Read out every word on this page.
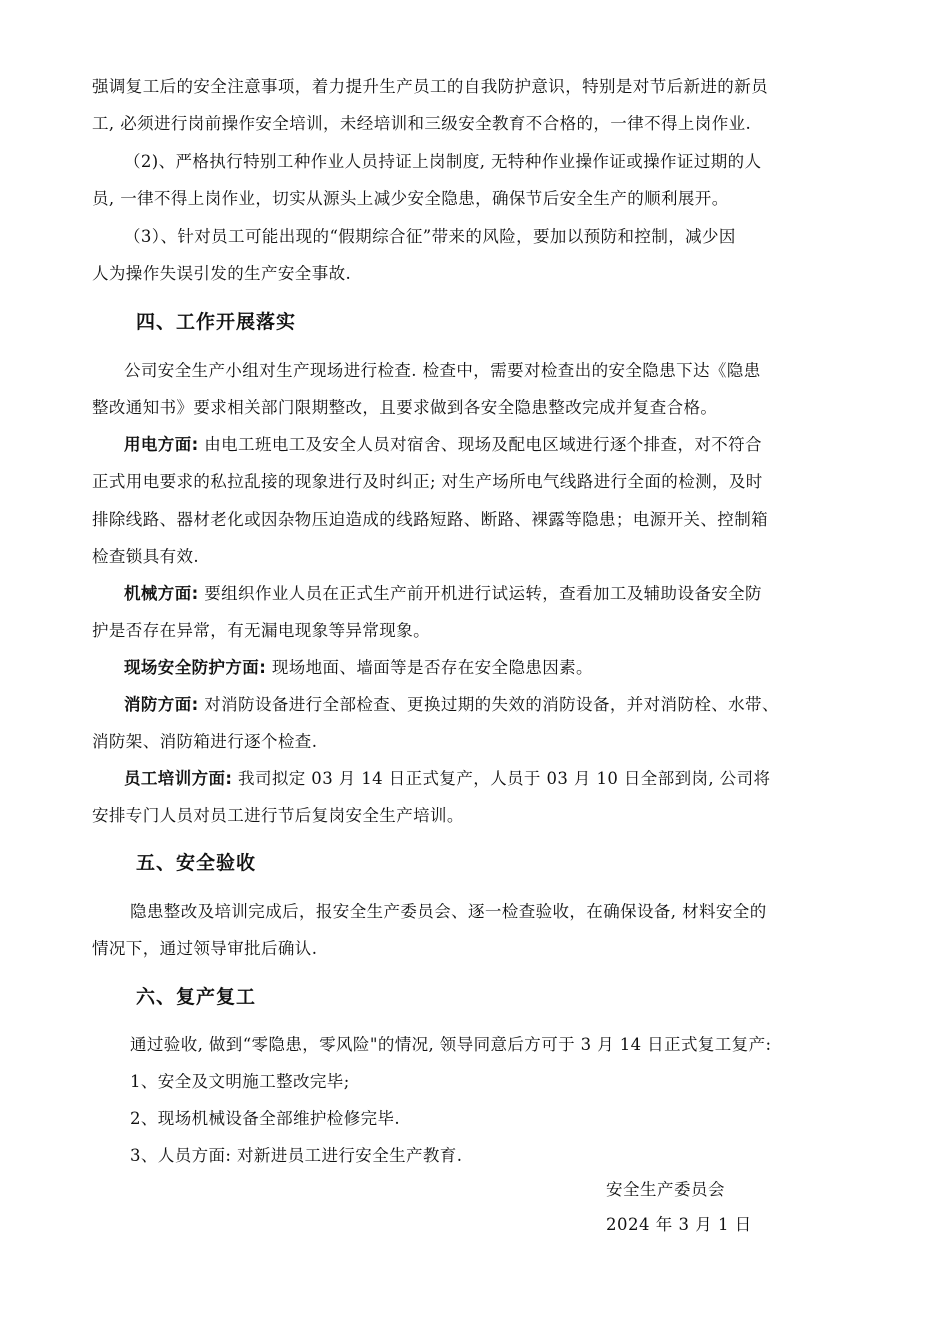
强调复工后的安全注意事项，着力提升生产员工的自我防护意识，特别是对节后新进的新员
工, 必须进行岗前操作安全培训，未经培训和三级安全教育不合格的，一律不得上岗作业.
（2)、严格执行特别工种作业人员持证上岗制度, 无特种作业操作证或操作证过期的人
员, 一律不得上岗作业，切实从源头上减少安全隐患，确保节后安全生产的顺利展开。
（3）、针对员工可能出现的“假期综合征”带来的风险，要加以预防和控制，减少因
人为操作失误引发的生产安全事故.
四、工作开展落实
公司安全生产小组对生产现场进行检查. 检查中，需要对检查出的安全隐患下达《隐患
整改通知书》要求相关部门限期整改，且要求做到各安全隐患整改完成并复查合格。
用电方面: 由电工班电工及安全人员对宿舍、现场及配电区域进行逐个排查，对不符合
正式用电要求的私拉乱接的现象进行及时纠正; 对生产场所电气线路进行全面的检测，及时
排除线路、器材老化或因杂物压迫造成的线路短路、断路、裸露等隐患；电源开关、控制箱
检查锁具有效.
机械方面: 要组织作业人员在正式生产前开机进行试运转，查看加工及辅助设备安全防
护是否存在异常，有无漏电现象等异常现象。
现场安全防护方面: 现场地面、墙面等是否存在安全隐患因素。
消防方面: 对消防设备进行全部检查、更换过期的失效的消防设备，并对消防栓、水带、
消防架、消防箱进行逐个检查.
员工培训方面: 我司拟定 03 月 14 日正式复产，人员于 03 月 10 日全部到岗, 公司将
安排专门人员对员工进行节后复岗安全生产培训。
五、安全验收
隐患整改及培训完成后，报安全生产委员会、逐一检查验收，在确保设备, 材料安全的
情况下，通过领导审批后确认.
六、复产复工
通过验收, 做到“零隐患，零风险"的情况, 领导同意后方可于 3 月 14 日正式复工复产:
1、安全及文明施工整改完毕;
2、现场机械设备全部维护检修完毕.
3、人员方面: 对新进员工进行安全生产教育.
安全生产委员会
2024 年 3 月 1 日
